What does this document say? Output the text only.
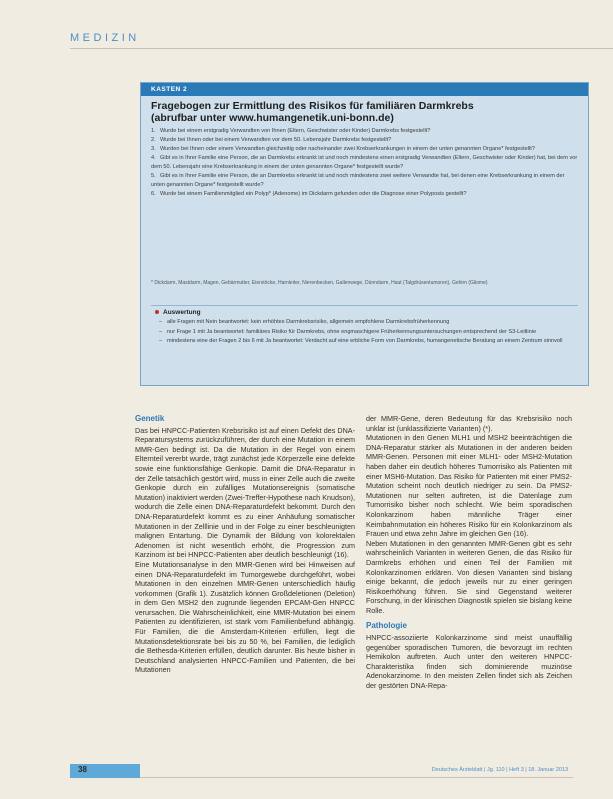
MEDIZIN
KASTEN 2
Fragebogen zur Ermittlung des Risikos für familiären Darmkrebs
(abrufbar unter www.humangenetik.uni-bonn.de)
1. Wurde bei einem erstgradig Verwandten von Ihnen (Eltern, Geschwister oder Kinder) Darmkrebs festgestellt?
2. Wurde bei Ihnen oder bei einem Verwandten vor dem 50. Lebensjahr Darmkrebs festgestellt?
3. Wurden bei Ihnen oder einem Verwandten gleichzeitig oder nacheinander zwei Krebserkrankungen in einem der unten genannten Organe* festgestellt?
4. Gibt es in Ihrer Familie eine Person, die an Darmkrebs erkrankt ist und noch mindestens einen erstgradig Verwandten (Eltern, Geschwister oder Kinder) hat, bei dem vor dem 50. Lebensjahr eine Krebserkrankung in einem der unten genannten Organe* festgestellt wurde?
5. Gibt es in Ihrer Familie eine Person, die an Darmkrebs erkrankt ist und noch mindestens zwei weitere Verwandte hat, bei denen eine Krebserkrankung in einem der unten genannten Organe* festgestellt wurde?
6. Wurde bei einem Familienmitglied ein Polyp* (Adenome) im Dickdarm gefunden oder die Diagnose einer Polyposis gestellt?
* Dickdarm, Mastdarm, Magen, Gebärmutter, Eierstöcke, Harnleiter, Nierenbecken, Gallenwege, Dünndarm, Haut (Talgdrüsentumoren), Gehirn (Gliome)
Auswertung
– alle Fragen mit Nein beantwortet: kein erhöhtes Darmkrebsrisiko, allgemein empfohlene Darmkrebsfrüherkennung
– nur Frage 1 mit Ja beantwortet: familiäres Risiko für Darmkrebs, ohne engmaschigere Früherkennungsuntersuchungen entsprechend der S3-Leitlinie
– mindestens eine der Fragen 2 bis 6 mit Ja beantwortet: Verdacht auf eine erbliche Form von Darmkrebs, humangenetische Beratung an einem Zentrum sinnvoll
Genetik

Das bei HNPCC-Patienten Krebsrisiko ist auf einen Defekt des DNA-Reparatursystems zurückzuführen, der durch eine Mutation in einem MMR-Gen bedingt ist. Da die Mutation in der Regel von einem Elternteil vererbt wurde, trägt zunächst jede Körperzelle eine defekte sowie eine funktionsfähige Genkopie. Damit die DNA-Reparatur in der Zelle tatsächlich gestört wird, muss in einer Zelle auch die zweite Genkopie durch ein zufälliges Mutationsereignis (somatische Mutation) inaktiviert werden (Zwei-Treffer-Hypothese nach Knudson), wodurch die Zelle einen DNA-Reparaturdefekt bekommt. Durch den DNA-Reparaturdefekt kommt es zu einer Anhäufung somatischer Mutationen in der Zelllinie und in der Folge zu einer beschleunigten malignen Entartung. Die Dynamik der Bildung von kolorektalen Adenomen ist nicht wesentlich erhöht, die Progression zum Karzinom ist bei HNPCC-Patienten aber deutlich beschleunigt (16).

Eine Mutationsanalyse in den MMR-Genen wird bei Hinweisen auf einen DNA-Reparaturdefekt im Tumorgewebe durchgeführt, wobei Mutationen in den einzelnen MMR-Genen unterschiedlich häufig vorkommen (Grafik 1). Zusätzlich können Großdeletionen (Deletion) in dem Gen MSH2 den zugrunde liegenden EPCAM-Gen HNPCC verursachen. Die Wahrscheinlichkeit, eine MMR-Mutation bei einem Patienten zu identifizieren, ist stark vom Familienbefund abhängig. Für Familien, die die Amsterdam-Kriterien erfüllen, liegt die Mutationsdetektionsrate bei bis zu 50 %, bei Familien, die lediglich die Bethesda-Kriterien erfüllen, deutlich darunter. Bis heute bisher in Deutschland analysierten HNPCC-Familien und Patienten, die bei Mutationen

der MMR-Gene, deren Bedeutung für das Krebsrisiko noch unklar ist (unklassifizierte Varianten) (*).

Mutationen in den Genen MLH1 und MSH2 beeinträchtigen die DNA-Reparatur stärker als Mutationen in der anderen beiden MMR-Genen. Personen mit einer MLH1- oder MSH2-Mutation haben daher ein deutlich höheres Tumorrisiko als Patienten mit einer MSH6-Mutation. Das Risiko für Patienten mit einer PMS2-Mutation scheint noch deutlich niedriger zu sein. Da PMS2-Mutationen nur selten auftreten, ist die Datenlage zum Tumorrisiko bisher noch schlecht. Wie beim sporadischen Kolonkarzinom haben männliche Träger einer Keimbahnmutation ein höheres Risiko für ein Kolonkarzinom als Frauen und etwa zehn Jahre im gleichen Gen (16).

Neben Mutationen in den genannten MMR-Genen gibt es sehr wahrscheinlich Varianten in weiteren Genen, die das Risiko für Darmkrebs erhöhen und einen Teil der Familien mit Kolonkarzinomen erklären. Von diesen Varianten sind bislang einige bekannt, die jedoch jeweils nur zu einer geringen Risikoerhöhung führen. Sie sind Gegenstand weiterer Forschung, in der klinischen Diagnostik spielen sie bislang keine Rolle.

Pathologie

HNPCC-assoziierte Kolonkarzinome sind meist unauffällig gegenüber sporadischen Tumoren, die bevorzugt im rechten Hemikolon auftreten. Auch unter den weiteren HNPCC-Charakteristika finden sich dominierende muzinöse Adenokarzinome. In den meisten Zellen findet sich als Zeichen der gestörten DNA-Repa-

38	Deutsches Ärzteblatt | Jg. 110 | Heft 3 | 18. Januar 2013
